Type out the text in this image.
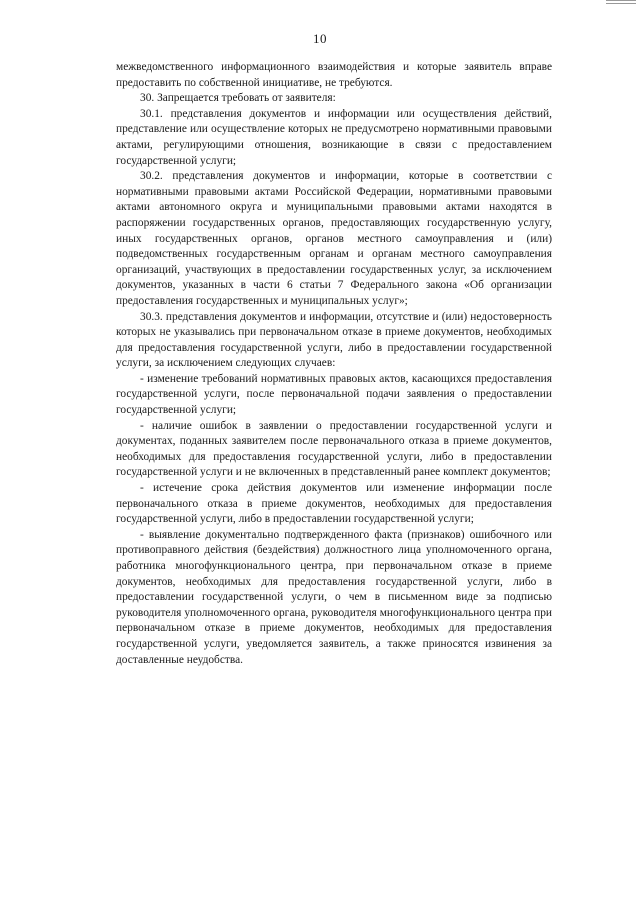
10

межведомственного информационного взаимодействия и которые заявитель вправе предоставить по собственной инициативе, не требуются.

30. Запрещается требовать от заявителя:

30.1. представления документов и информации или осуществления действий, представление или осуществление которых не предусмотрено нормативными правовыми актами, регулирующими отношения, возникающие в связи с предоставлением государственной услуги;

30.2. представления документов и информации, которые в соответствии с нормативными правовыми актами Российской Федерации, нормативными правовыми актами автономного округа и муниципальными правовыми актами находятся в распоряжении государственных органов, предоставляющих государственную услугу, иных государственных органов, органов местного самоуправления и (или) подведомственных государственным органам и органам местного самоуправления организаций, участвующих в предоставлении государственных услуг, за исключением документов, указанных в части 6 статьи 7 Федерального закона «Об организации предоставления государственных и муниципальных услуг»;

30.3. представления документов и информации, отсутствие и (или) недостоверность которых не указывались при первоначальном отказе в приеме документов, необходимых для предоставления государственной услуги, либо в предоставлении государственной услуги, за исключением следующих случаев:

- изменение требований нормативных правовых актов, касающихся предоставления государственной услуги, после первоначальной подачи заявления о предоставлении государственной услуги;

- наличие ошибок в заявлении о предоставлении государственной услуги и документах, поданных заявителем после первоначального отказа в приеме документов, необходимых для предоставления государственной услуги, либо в предоставлении государственной услуги и не включенных в представленный ранее комплект документов;

- истечение срока действия документов или изменение информации после первоначального отказа в приеме документов, необходимых для предоставления государственной услуги, либо в предоставлении государственной услуги;

- выявление документально подтвержденного факта (признаков) ошибочного или противоправного действия (бездействия) должностного лица уполномоченного органа, работника многофункционального центра, при первоначальном отказе в приеме документов, необходимых для предоставления государственной услуги, либо в предоставлении государственной услуги, о чем в письменном виде за подписью руководителя уполномоченного органа, руководителя многофункционального центра при первоначальном отказе в приеме документов, необходимых для предоставления государственной услуги, уведомляется заявитель, а также приносятся извинения за доставленные неудобства.
